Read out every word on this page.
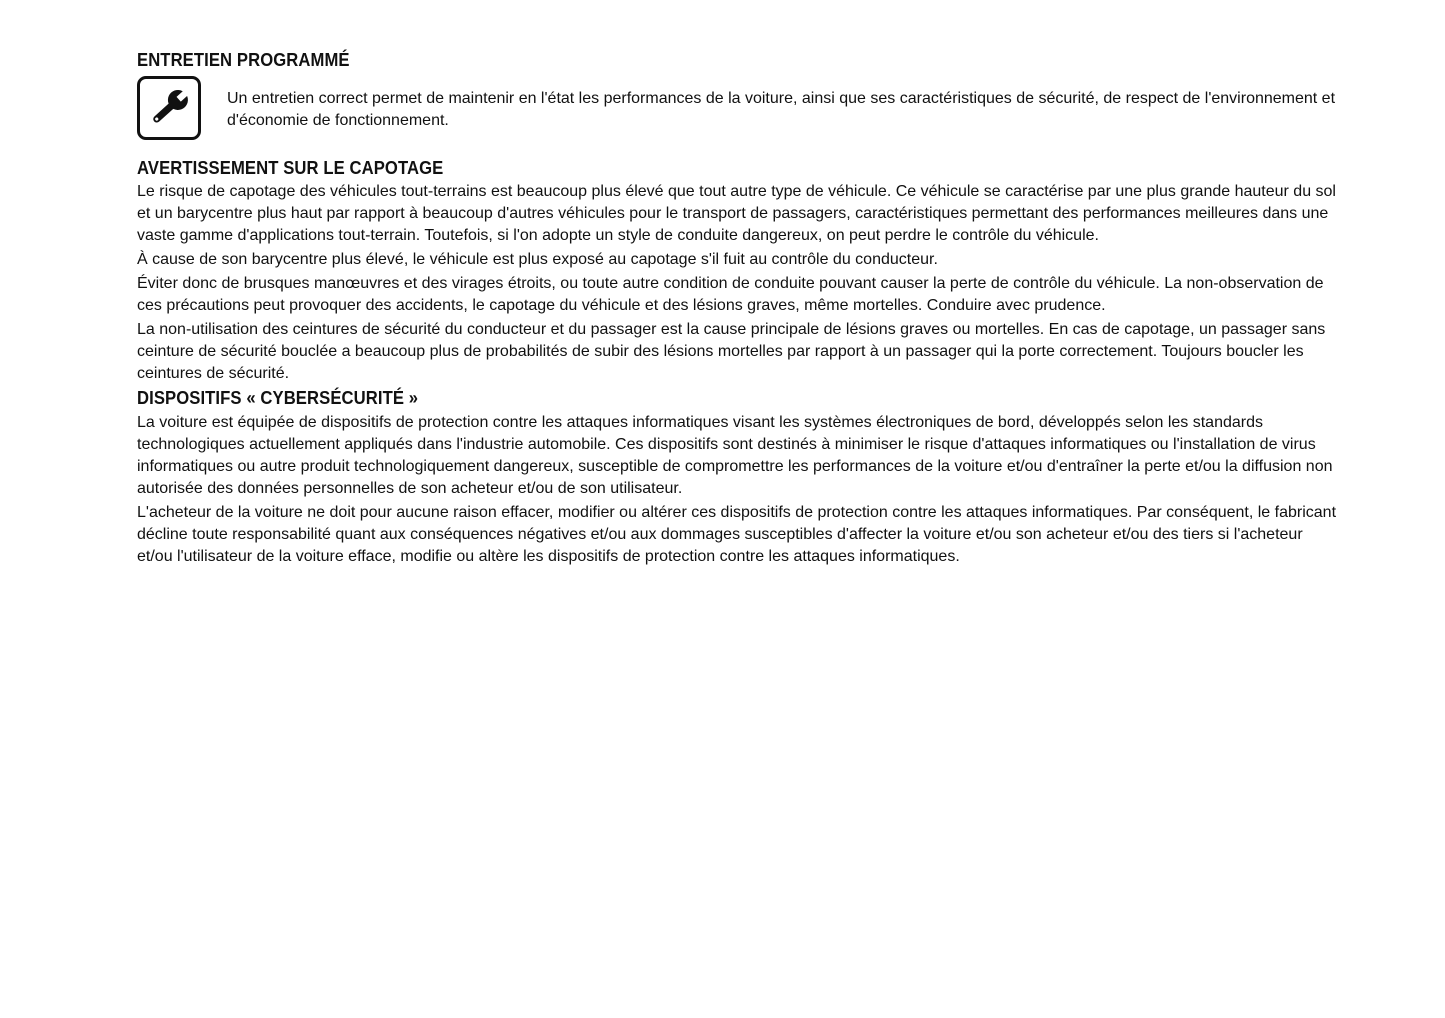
ENTRETIEN PROGRAMMÉ

Un entretien correct permet de maintenir en l'état les performances de la voiture, ainsi que ses caractéristiques de sécurité, de respect de l'environnement et d'économie de fonctionnement.

AVERTISSEMENT SUR LE CAPOTAGE

Le risque de capotage des véhicules tout-terrains est beaucoup plus élevé que tout autre type de véhicule. Ce véhicule se caractérise par une plus grande hauteur du sol et un barycentre plus haut par rapport à beaucoup d'autres véhicules pour le transport de passagers, caractéristiques permettant des performances meilleures dans une vaste gamme d'applications tout-terrain. Toutefois, si l'on adopte un style de conduite dangereux, on peut perdre le contrôle du véhicule.

À cause de son barycentre plus élevé, le véhicule est plus exposé au capotage s'il fuit au contrôle du conducteur.

Éviter donc de brusques manœuvres et des virages étroits, ou toute autre condition de conduite pouvant causer la perte de contrôle du véhicule. La non-observation de ces précautions peut provoquer des accidents, le capotage du véhicule et des lésions graves, même mortelles. Conduire avec prudence.

La non-utilisation des ceintures de sécurité du conducteur et du passager est la cause principale de lésions graves ou mortelles. En cas de capotage, un passager sans ceinture de sécurité bouclée a beaucoup plus de probabilités de subir des lésions mortelles par rapport à un passager qui la porte correctement. Toujours boucler les ceintures de sécurité.

DISPOSITIFS « CYBERSÉCURITÉ »

La voiture est équipée de dispositifs de protection contre les attaques informatiques visant les systèmes électroniques de bord, développés selon les standards technologiques actuellement appliqués dans l'industrie automobile. Ces dispositifs sont destinés à minimiser le risque d'attaques informatiques ou l'installation de virus informatiques ou autre produit technologiquement dangereux, susceptible de compromettre les performances de la voiture et/ou d'entraîner la perte et/ou la diffusion non autorisée des données personnelles de son acheteur et/ou de son utilisateur.

L'acheteur de la voiture ne doit pour aucune raison effacer, modifier ou altérer ces dispositifs de protection contre les attaques informatiques. Par conséquent, le fabricant décline toute responsabilité quant aux conséquences négatives et/ou aux dommages susceptibles d'affecter la voiture et/ou son acheteur et/ou des tiers si l'acheteur et/ou l'utilisateur de la voiture efface, modifie ou altère les dispositifs de protection contre les attaques informatiques.
